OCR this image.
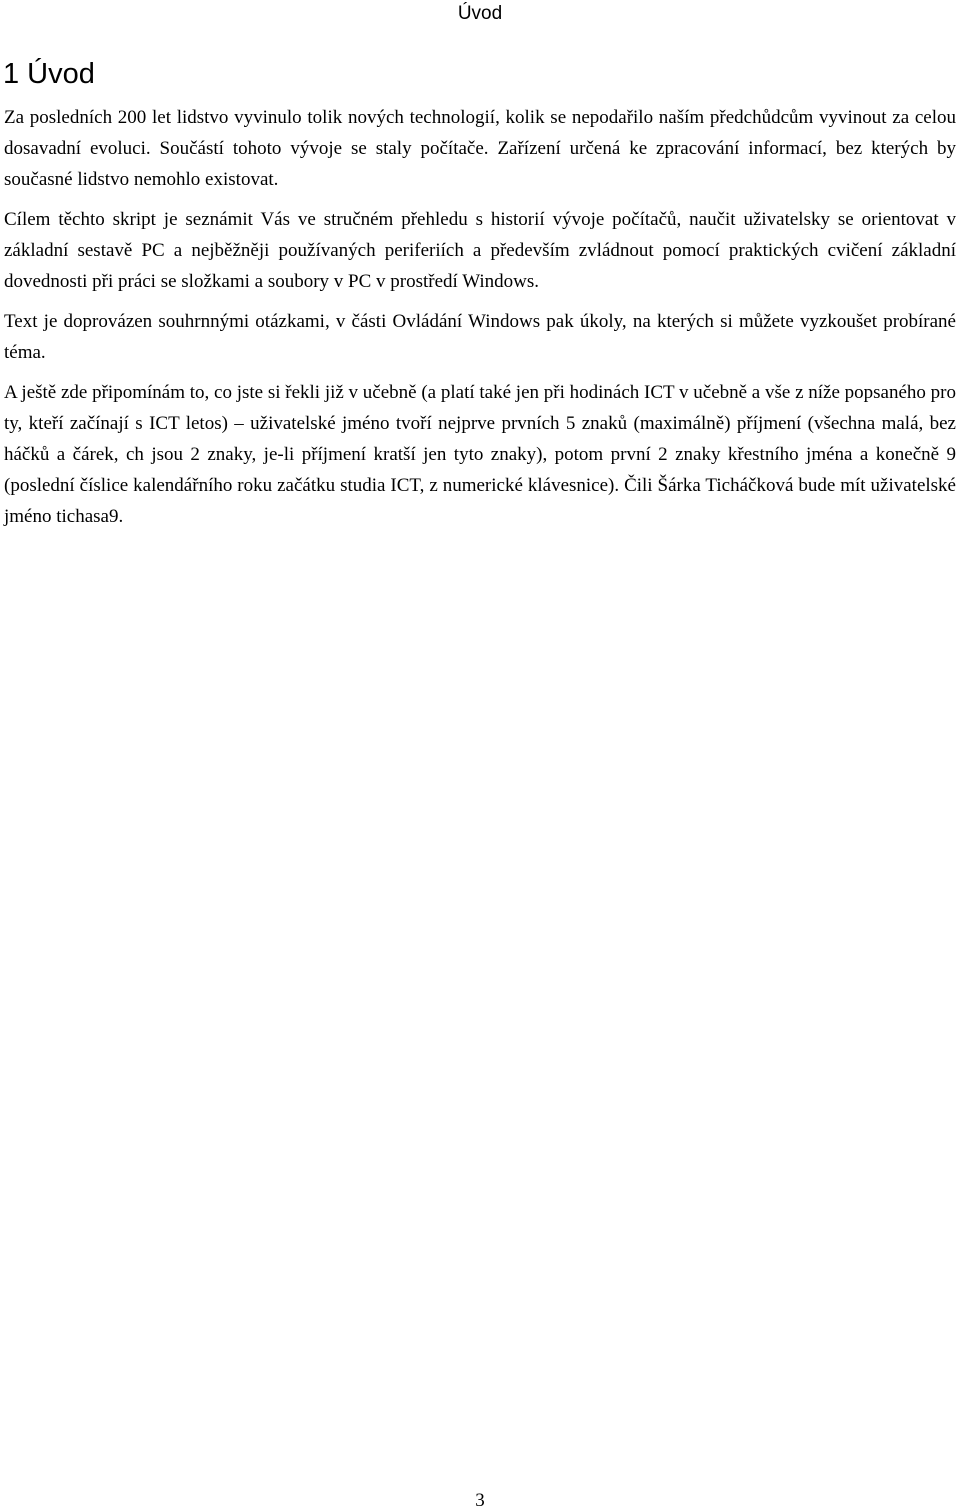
Úvod
1 Úvod

Za posledních 200 let lidstvo vyvinulo tolik nových technologií, kolik se nepodařilo naším předchůdcům vyvinout za celou dosavadní evoluci. Součástí tohoto vývoje se staly počítače. Zařízení určená ke zpracování informací, bez kterých by současné lidstvo nemohlo existovat.

Cílem těchto skript je seznámit Vás ve stručném přehledu s historií vývoje počítačů, naučit uživatelsky se orientovat v základní sestavě PC a nejběžněji používaných periferiích a především zvládnout pomocí praktických cvičení základní dovednosti při práci se složkami a soubory v PC v prostředí Windows.

Text je doprovázen souhrnnými otázkami, v části Ovládání Windows pak úkoly, na kterých si můžete vyzkoušet probírané téma.

A ještě zde připomínám to, co jste si řekli již v učebně (a platí také jen při hodinách ICT v učebně a vše z níže popsaného pro ty, kteří začínají s ICT letos) – uživatelské jméno tvoří nejprve prvních 5 znaků (maximálně) příjmení (všechna malá, bez háčků a čárek, ch jsou 2 znaky, je-li příjmení kratší jen tyto znaky), potom první 2 znaky křestního jména a konečně 9 (poslední číslice kalendářního roku začátku studia ICT, z numerické klávesnice). Čili Šárka Ticháčková bude mít uživatelské jméno tichasa9.

3
